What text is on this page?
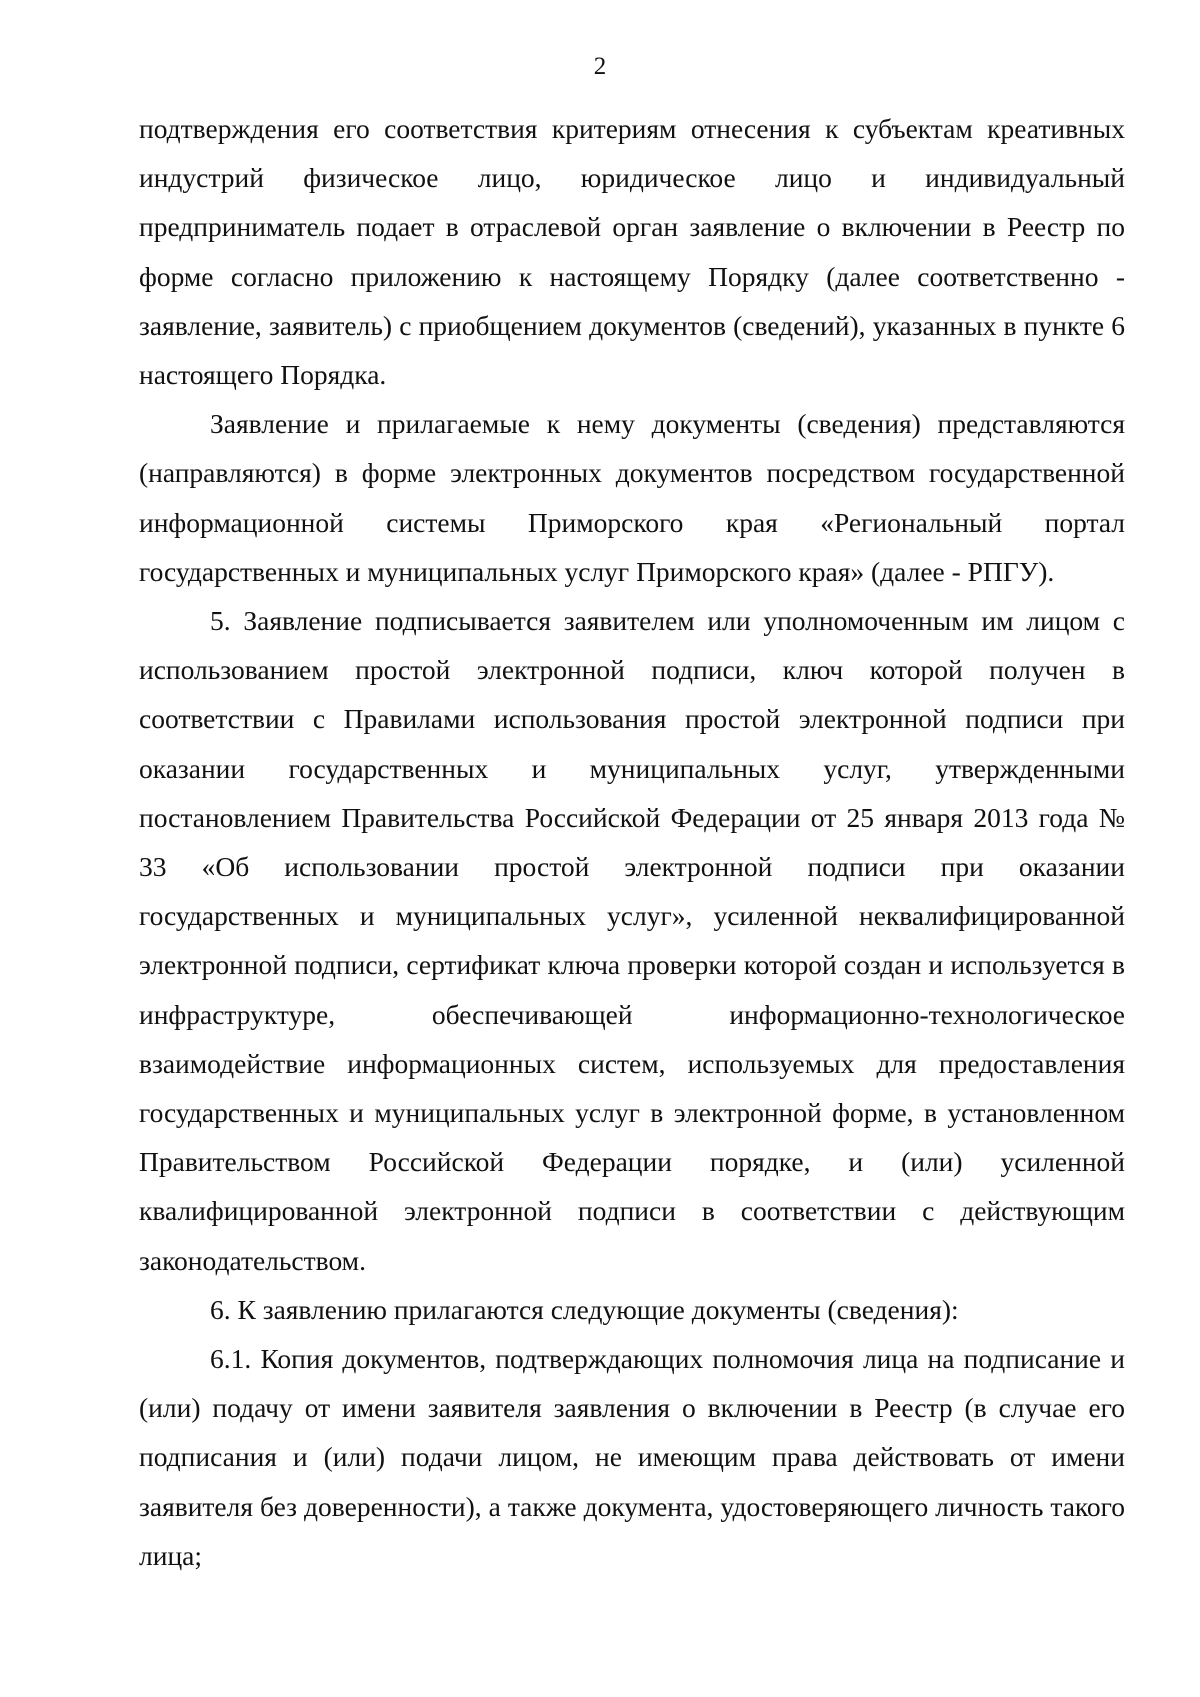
2

подтверждения его соответствия критериям отнесения к субъектам креативных индустрий физическое лицо, юридическое лицо и индивидуальный предприниматель подает в отраслевой орган заявление о включении в Реестр по форме согласно приложению к настоящему Порядку (далее соответственно - заявление, заявитель) с приобщением документов (сведений), указанных в пункте 6 настоящего Порядка.

Заявление и прилагаемые к нему документы (сведения) представляются (направляются) в форме электронных документов посредством государственной информационной системы Приморского края «Региональный портал государственных и муниципальных услуг Приморского края» (далее - РПГУ).

5. Заявление подписывается заявителем или уполномоченным им лицом с использованием простой электронной подписи, ключ которой получен в соответствии с Правилами использования простой электронной подписи при оказании государственных и муниципальных услуг, утвержденными постановлением Правительства Российской Федерации от 25 января 2013 года № 33 «Об использовании простой электронной подписи при оказании государственных и муниципальных услуг», усиленной неквалифицированной электронной подписи, сертификат ключа проверки которой создан и используется в инфраструктуре, обеспечивающей информационно-технологическое взаимодействие информационных систем, используемых для предоставления государственных и муниципальных услуг в электронной форме, в установленном Правительством Российской Федерации порядке, и (или) усиленной квалифицированной электронной подписи в соответствии с действующим законодательством.

6. К заявлению прилагаются следующие документы (сведения):

6.1. Копия документов, подтверждающих полномочия лица на подписание и (или) подачу от имени заявителя заявления о включении в Реестр (в случае его подписания и (или) подачи лицом, не имеющим права действовать от имени заявителя без доверенности), а также документа, удостоверяющего личность такого лица;
